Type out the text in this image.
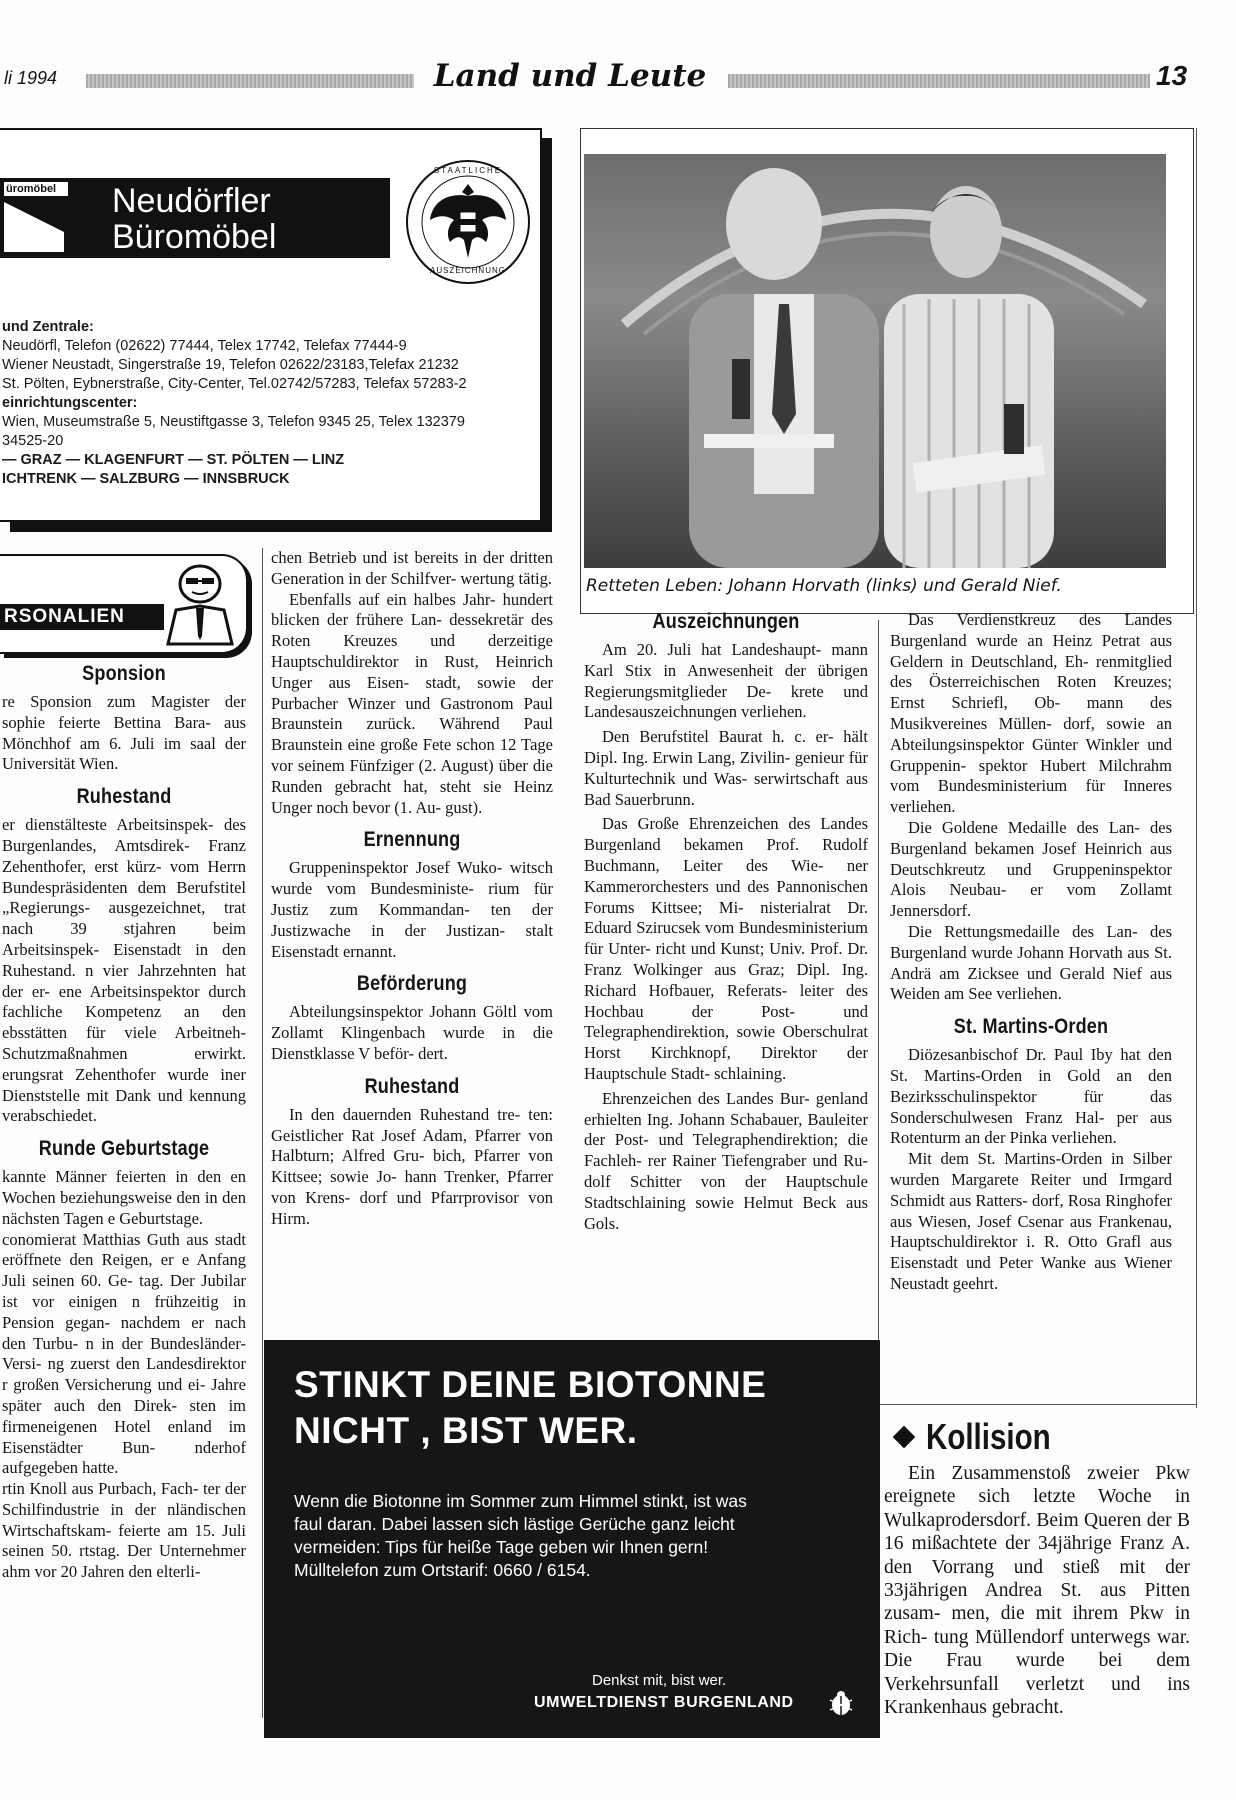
li 1994	Land und Leute	13
üromöbel	Neudörfler
Büromöbel
STAATLICHE
AUSZEICHNUNG
und Zentrale:
Neudörfl, Telefon (02622) 77444, Telex 17742, Telefax 77444-9
Wiener Neustadt, Singerstraße 19, Telefon 02622/23183,Telefax 21232
St. Pölten, Eybnerstraße, City-Center, Tel.02742/57283, Telefax 57283-2
einrichtungscenter:
Wien, Museumstraße 5, Neustiftgasse 3, Telefon 9345 25, Telex 132379
34525-20
— GRAZ — KLAGENFURT — ST. PÖLTEN — LINZ
ICHTRENK — SALZBURG — INNSBRUCK
Retteten Leben: Johann Horvath (links) und Gerald Nief.
RSONALIEN
Sponsion

re Sponsion zum Magister der sophie feierte Bettina Bara- aus Mönchhof am 6. Juli im saal der Universität Wien.

Ruhestand

er dienstälteste Arbeitsinspek- des Burgenlandes, Amtsdirek- Franz Zehenthofer, erst kürz- vom Herrn Bundespräsidenten dem Berufstitel „Regierungs- ausgezeichnet, trat nach 39 stjahren beim Arbeitsinspek- Eisenstadt in den Ruhestand. n vier Jahrzehnten hat der er- ene Arbeitsinspektor durch fachliche Kompetenz an den ebsstätten für viele Arbeitneh- Schutzmaßnahmen erwirkt. erungsrat Zehenthofer wurde iner Dienststelle mit Dank und kennung verabschiedet.

Runde Geburtstage

kannte Männer feierten in den en Wochen beziehungsweise den in den nächsten Tagen e Geburtstage.

conomierat Matthias Guth aus stadt eröffnete den Reigen, er e Anfang Juli seinen 60. Ge- tag. Der Jubilar ist vor einigen n frühzeitig in Pension gegan- nachdem er nach den Turbu- n in der Bundesländer-Versi- ng zuerst den Landesdirektor r großen Versicherung und ei- Jahre später auch den Direk- sten im firmeneigenen Hotel enland im Eisenstädter Bun- nderhof aufgegeben hatte.

rtin Knoll aus Purbach, Fach- ter der Schilfindustrie in der nländischen Wirtschaftskam- feierte am 15. Juli seinen 50. rtstag. Der Unternehmer ahm vor 20 Jahren den elterli-

chen Betrieb und ist bereits in der dritten Generation in der Schilfver- wertung tätig.

Ebenfalls auf ein halbes Jahr- hundert blicken der frühere Lan- dessekretär des Roten Kreuzes und derzeitige Hauptschuldirektor in Rust, Heinrich Unger aus Eisen- stadt, sowie der Purbacher Winzer und Gastronom Paul Braunstein zurück. Während Paul Braunstein eine große Fete schon 12 Tage vor seinem Fünfziger (2. August) über die Runden gebracht hat, steht sie Heinz Unger noch bevor (1. Au- gust).

Ernennung

Gruppeninspektor Josef Wuko- witsch wurde vom Bundesministe- rium für Justiz zum Kommandan- ten der Justizwache in der Justizan- stalt Eisenstadt ernannt.

Beförderung

Abteilungsinspektor Johann Göltl vom Zollamt Klingenbach wurde in die Dienstklasse V beför- dert.

Ruhestand

In den dauernden Ruhestand tre- ten: Geistlicher Rat Josef Adam, Pfarrer von Halbturn; Alfred Gru- bich, Pfarrer von Kittsee; sowie Jo- hann Trenker, Pfarrer von Krens- dorf und Pfarrprovisor von Hirm.

Auszeichnungen

Am 20. Juli hat Landeshaupt- mann Karl Stix in Anwesenheit der übrigen Regierungsmitglieder De- krete und Landesauszeichnungen verliehen.

Den Berufstitel Baurat h. c. er- hält Dipl. Ing. Erwin Lang, Zivilin- genieur für Kulturtechnik und Was- serwirtschaft aus Bad Sauerbrunn.

Das Große Ehrenzeichen des Landes Burgenland bekamen Prof. Rudolf Buchmann, Leiter des Wie- ner Kammerorchesters und des Pannonischen Forums Kittsee; Mi- nisterialrat Dr. Eduard Szirucsek vom Bundesministerium für Unter- richt und Kunst; Univ. Prof. Dr. Franz Wolkinger aus Graz; Dipl. Ing. Richard Hofbauer, Referats- leiter des Hochbau der Post- und Telegraphendirektion, sowie Oberschulrat Horst Kirchknopf, Direktor der Hauptschule Stadt- schlaining.

Ehrenzeichen des Landes Bur- genland erhielten Ing. Johann Schabauer, Bauleiter der Post- und Telegraphendirektion; die Fachleh- rer Rainer Tiefengraber und Ru- dolf Schitter von der Hauptschule Stadtschlaining sowie Helmut Beck aus Gols.

Das Verdienstkreuz des Landes Burgenland wurde an Heinz Petrat aus Geldern in Deutschland, Eh- renmitglied des Österreichischen Roten Kreuzes; Ernst Schriefl, Ob- mann des Musikvereines Müllen- dorf, sowie an Abteilungsinspektor Günter Winkler und Gruppenin- spektor Hubert Milchrahm vom Bundesministerium für Inneres verliehen.

Die Goldene Medaille des Lan- des Burgenland bekamen Josef Heinrich aus Deutschkreutz und Gruppeninspektor Alois Neubau- er vom Zollamt Jennersdorf.

Die Rettungsmedaille des Lan- des Burgenland wurde Johann Horvath aus St. Andrä am Zicksee und Gerald Nief aus Weiden am See verliehen.

St. Martins-Orden

Diözesanbischof Dr. Paul Iby hat den St. Martins-Orden in Gold an den Bezirksschulinspektor für das Sonderschulwesen Franz Hal- per aus Rotenturm an der Pinka verliehen.

Mit dem St. Martins-Orden in Silber wurden Margarete Reiter und Irmgard Schmidt aus Ratters- dorf, Rosa Ringhofer aus Wiesen, Josef Csenar aus Frankenau, Hauptschuldirektor i. R. Otto Grafl aus Eisenstadt und Peter Wanke aus Wiener Neustadt geehrt.

STINKT DEINE BIOTONNE
NICHT , BIST WER.
Wenn die Biotonne im Sommer zum Himmel stinkt, ist was faul daran. Dabei lassen sich lästige Gerüche ganz leicht vermeiden: Tips für heiße Tage geben wir Ihnen gern! Mülltelefon zum Ortstarif: 0660 / 6154.
Denkst mit, bist wer.
UMWELTDIENST BURGENLAND
Kollision

Ein Zusammenstoß zweier Pkw ereignete sich letzte Woche in Wulkaprodersdorf. Beim Queren der B 16 mißachtete der 34jährige Franz A. den Vorrang und stieß mit der 33jährigen Andrea St. aus Pitten zusam- men, die mit ihrem Pkw in Rich- tung Müllendorf unterwegs war. Die Frau wurde bei dem Verkehrsunfall verletzt und ins Krankenhaus gebracht.
